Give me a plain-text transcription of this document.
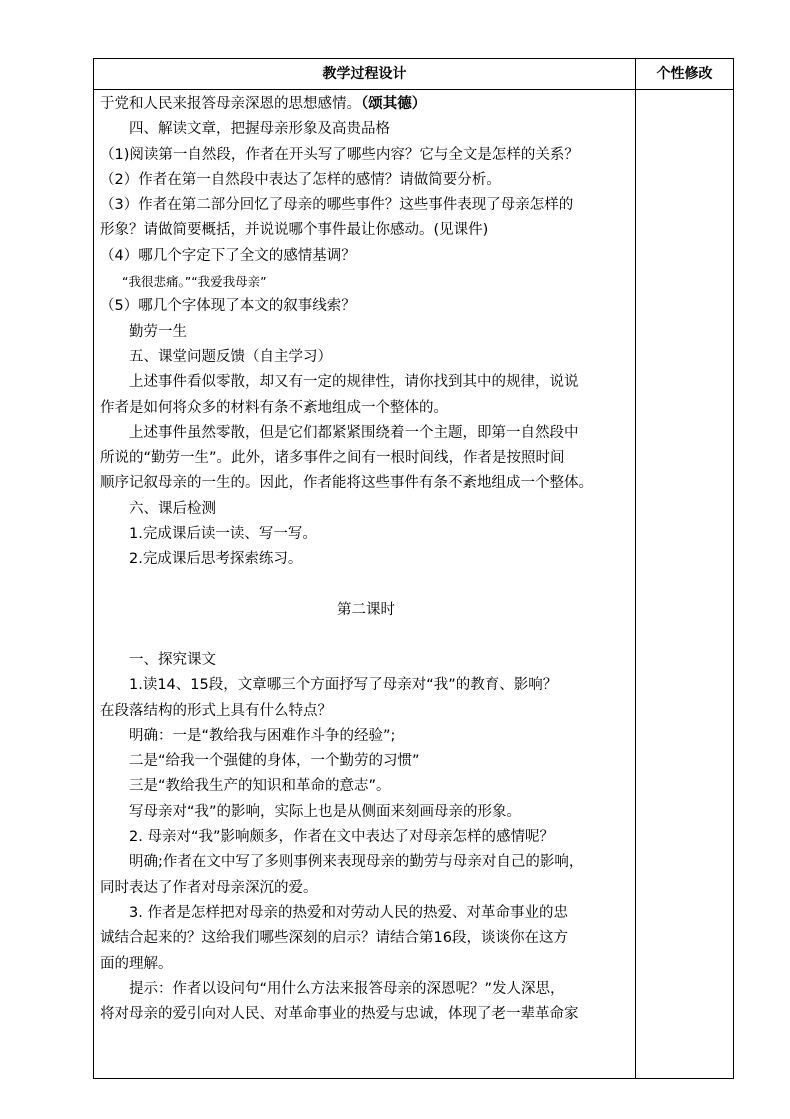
教学过程设计	个性修改
于党和人民来报答母亲深恩的思想感情。（颂其德）
四、解读文章，把握母亲形象及高贵品格
（1)阅读第一自然段，作者在开头写了哪些内容？它与全文是怎样的关系？
（2）作者在第一自然段中表达了怎样的感情？请做简要分析。
（3）作者在第二部分回忆了母亲的哪些事件？这些事件表现了母亲怎样的
形象？请做简要概括，并说说哪个事件最让你感动。(见课件)
（4）哪几个字定下了全文的感情基调？
“我很悲痛。”“我爱我母亲”
（5）哪几个字体现了本文的叙事线索？
勤劳一生
五、课堂问题反馈（自主学习）
上述事件看似零散，却又有一定的规律性，请你找到其中的规律，说说
作者是如何将众多的材料有条不紊地组成一个整体的。
上述事件虽然零散，但是它们都紧紧围绕着一个主题，即第一自然段中
所说的“勤劳一生”。此外，诸多事件之间有一根时间线，作者是按照时间
顺序记叙母亲的一生的。因此，作者能将这些事件有条不紊地组成一个整体。
六、课后检测
1.完成课后读一读、写一写。
2.完成课后思考探索练习。
第二课时
一、探究课文
1.读14、15段，文章哪三个方面抒写了母亲对“我”的教育、影响？
在段落结构的形式上具有什么特点？
明确：一是“教给我与困难作斗争的经验”;
二是“给我一个强健的身体，一个勤劳的习惯”
三是“教给我生产的知识和革命的意志”。
写母亲对“我”的影响，实际上也是从侧面来刻画母亲的形象。
2. 母亲对“我”影响颇多，作者在文中表达了对母亲怎样的感情呢？
明确;作者在文中写了多则事例来表现母亲的勤劳与母亲对自己的影响，
同时表达了作者对母亲深沉的爱。
3. 作者是怎样把对母亲的热爱和对劳动人民的热爱、对革命事业的忠
诚结合起来的？这给我们哪些深刻的启示？请结合第16段，谈谈你在这方
面的理解。
提示：作者以设问句“用什么方法来报答母亲的深恩呢？”发人深思，
将对母亲的爱引向对人民、对革命事业的热爱与忠诚，体现了老一辈革命家
